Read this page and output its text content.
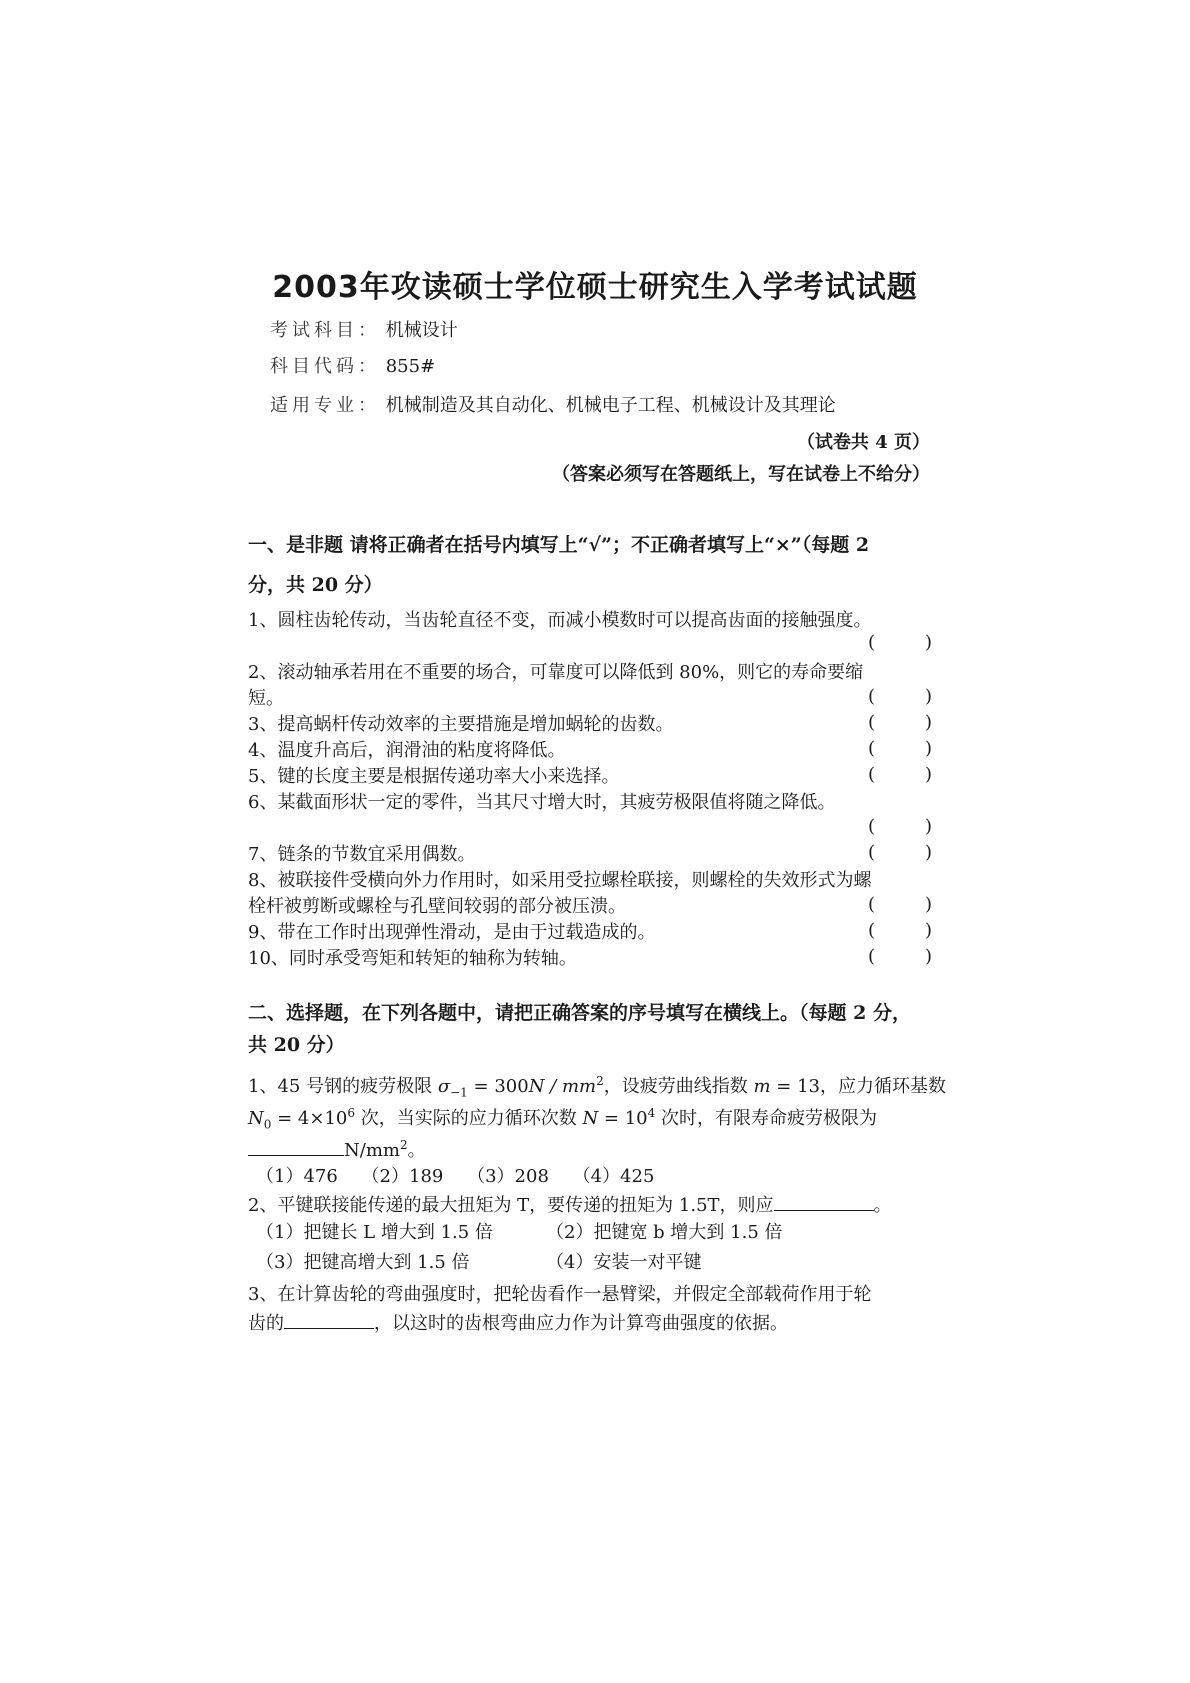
2003年攻读硕士学位硕士研究生入学考试试题
考试科目： 机械设计
科目代码： 855#
适用专业： 机械制造及其自动化、机械电子工程、机械设计及其理论
（试卷共 4 页）
（答案必须写在答题纸上，写在试卷上不给分）
一、是非题 请将正确者在括号内填写上“√”；不正确者填写上“×”（每题 2
分，共 20 分）
1、圆柱齿轮传动，当齿轮直径不变，而减小模数时可以提高齿面的接触强度。
(	)
2、滚动轴承若用在不重要的场合，可靠度可以降低到 80%，则它的寿命要缩
短。	(	)
3、提高蜗杆传动效率的主要措施是增加蜗轮的齿数。	(	)
4、温度升高后，润滑油的粘度将降低。	(	)
5、键的长度主要是根据传递功率大小来选择。	(	)
6、某截面形状一定的零件，当其尺寸增大时，其疲劳极限值将随之降低。
(	)
7、链条的节数宜采用偶数。	(	)
8、被联接件受横向外力作用时，如采用受拉螺栓联接，则螺栓的失效形式为螺
栓杆被剪断或螺栓与孔壁间较弱的部分被压溃。	(	)
9、带在工作时出现弹性滑动，是由于过载造成的。	(	)
10、同时承受弯矩和转矩的轴称为转轴。	(	)
二、选择题，在下列各题中，请把正确答案的序号填写在横线上。（每题 2 分，
共 20 分）
1、45 号钢的疲劳极限 $\sigma_{-1} = 300N / mm^2$，设疲劳曲线指数 m = 13，应力循环基数
$N_0 = 4\times 10^6$ 次，当实际的应力循环次数 $N = 10^4$ 次时，有限寿命疲劳极限为
$N/mm^2$。
（1）476 （2）189 （3）208 （4）425
2、平键联接能传递的最大扭矩为 T，要传递的扭矩为 1.5T，则应	。
（1）把键长 L 增大到 1.5 倍	（2）把键宽 b 增大到 1.5 倍
（3）把键高增大到 1.5 倍	（4）安装一对平键
3、在计算齿轮的弯曲强度时，把轮齿看作一悬臂梁，并假定全部载荷作用于轮
齿的	，以这时的齿根弯曲应力作为计算弯曲强度的依据。
